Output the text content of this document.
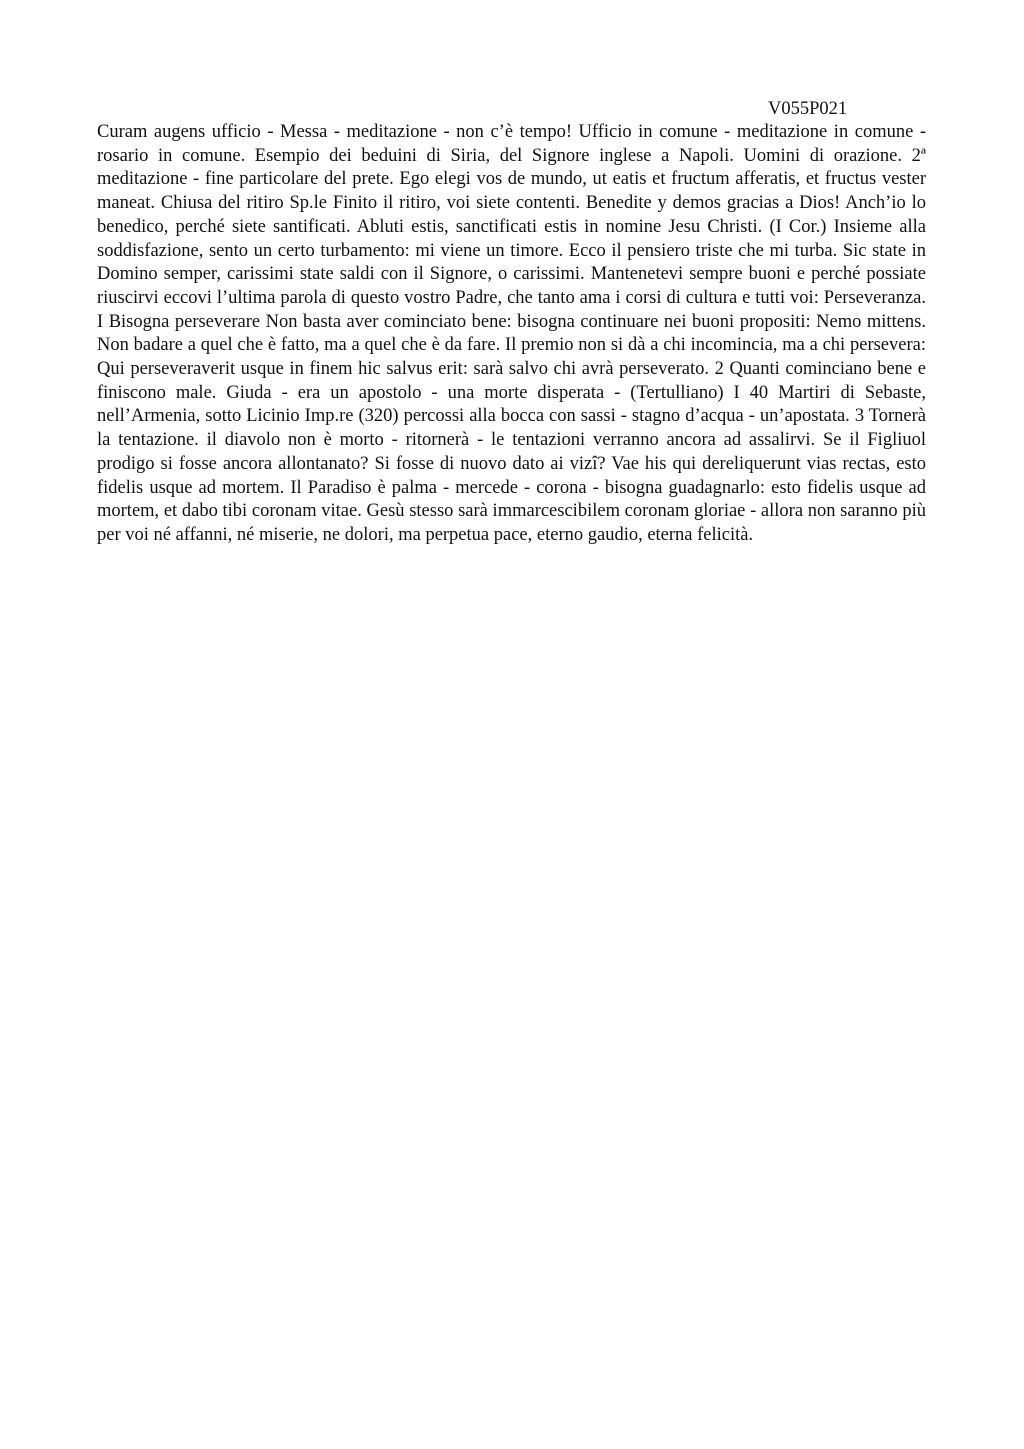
V055P021

Curam augens ufficio - Messa - meditazione - non c’è tempo! Ufficio in comune - meditazione in comune - rosario in comune. Esempio dei beduini di Siria, del Signore inglese a Napoli. Uomini di orazione. 2ª meditazione - fine particolare del prete. Ego elegi vos de mundo, ut eatis et fructum afferatis, et fructus vester maneat. Chiusa del ritiro Sp.le Finito il ritiro, voi siete contenti. Benedite y demos gracias a Dios! Anch’io lo benedico, perché siete santificati. Abluti estis, sanctificati estis in nomine Jesu Christi. (I Cor.) Insieme alla soddisfazione, sento un certo turbamento: mi viene un timore. Ecco il pensiero triste che mi turba. Sic state in Domino semper, carissimi state saldi con il Signore, o carissimi. Mantenetevi sempre buoni e perché possiate riuscirvi eccovi l’ultima parola di questo vostro Padre, che tanto ama i corsi di cultura e tutti voi: Perseveranza. I Bisogna perseverare Non basta aver cominciato bene: bisogna continuare nei buoni propositi: Nemo mittens. Non badare a quel che è fatto, ma a quel che è da fare. Il premio non si dà a chi incomincia, ma a chi persevera: Qui perseveraverit usque in finem hic salvus erit: sarà salvo chi avrà perseverato. 2 Quanti cominciano bene e finiscono male. Giuda - era un apostolo - una morte disperata - (Tertulliano) I 40 Martiri di Sebaste, nell’Armenia, sotto Licinio Imp.re (320) percossi alla bocca con sassi - stagno d’acqua - un’apostata. 3 Tornerà la tentazione. il diavolo non è morto - ritornerà - le tentazioni verranno ancora ad assalirvi. Se il Figliuol prodigo si fosse ancora allontanato? Si fosse di nuovo dato ai vizî? Vae his qui dereliquerunt vias rectas, esto fidelis usque ad mortem. Il Paradiso è palma - mercede - corona - bisogna guadagnarlo: esto fidelis usque ad mortem, et dabo tibi coronam vitae. Gesù stesso sarà immarcescibilem coronam gloriae - allora non saranno più per voi né affanni, né miserie, ne dolori, ma perpetua pace, eterno gaudio, eterna felicità.
